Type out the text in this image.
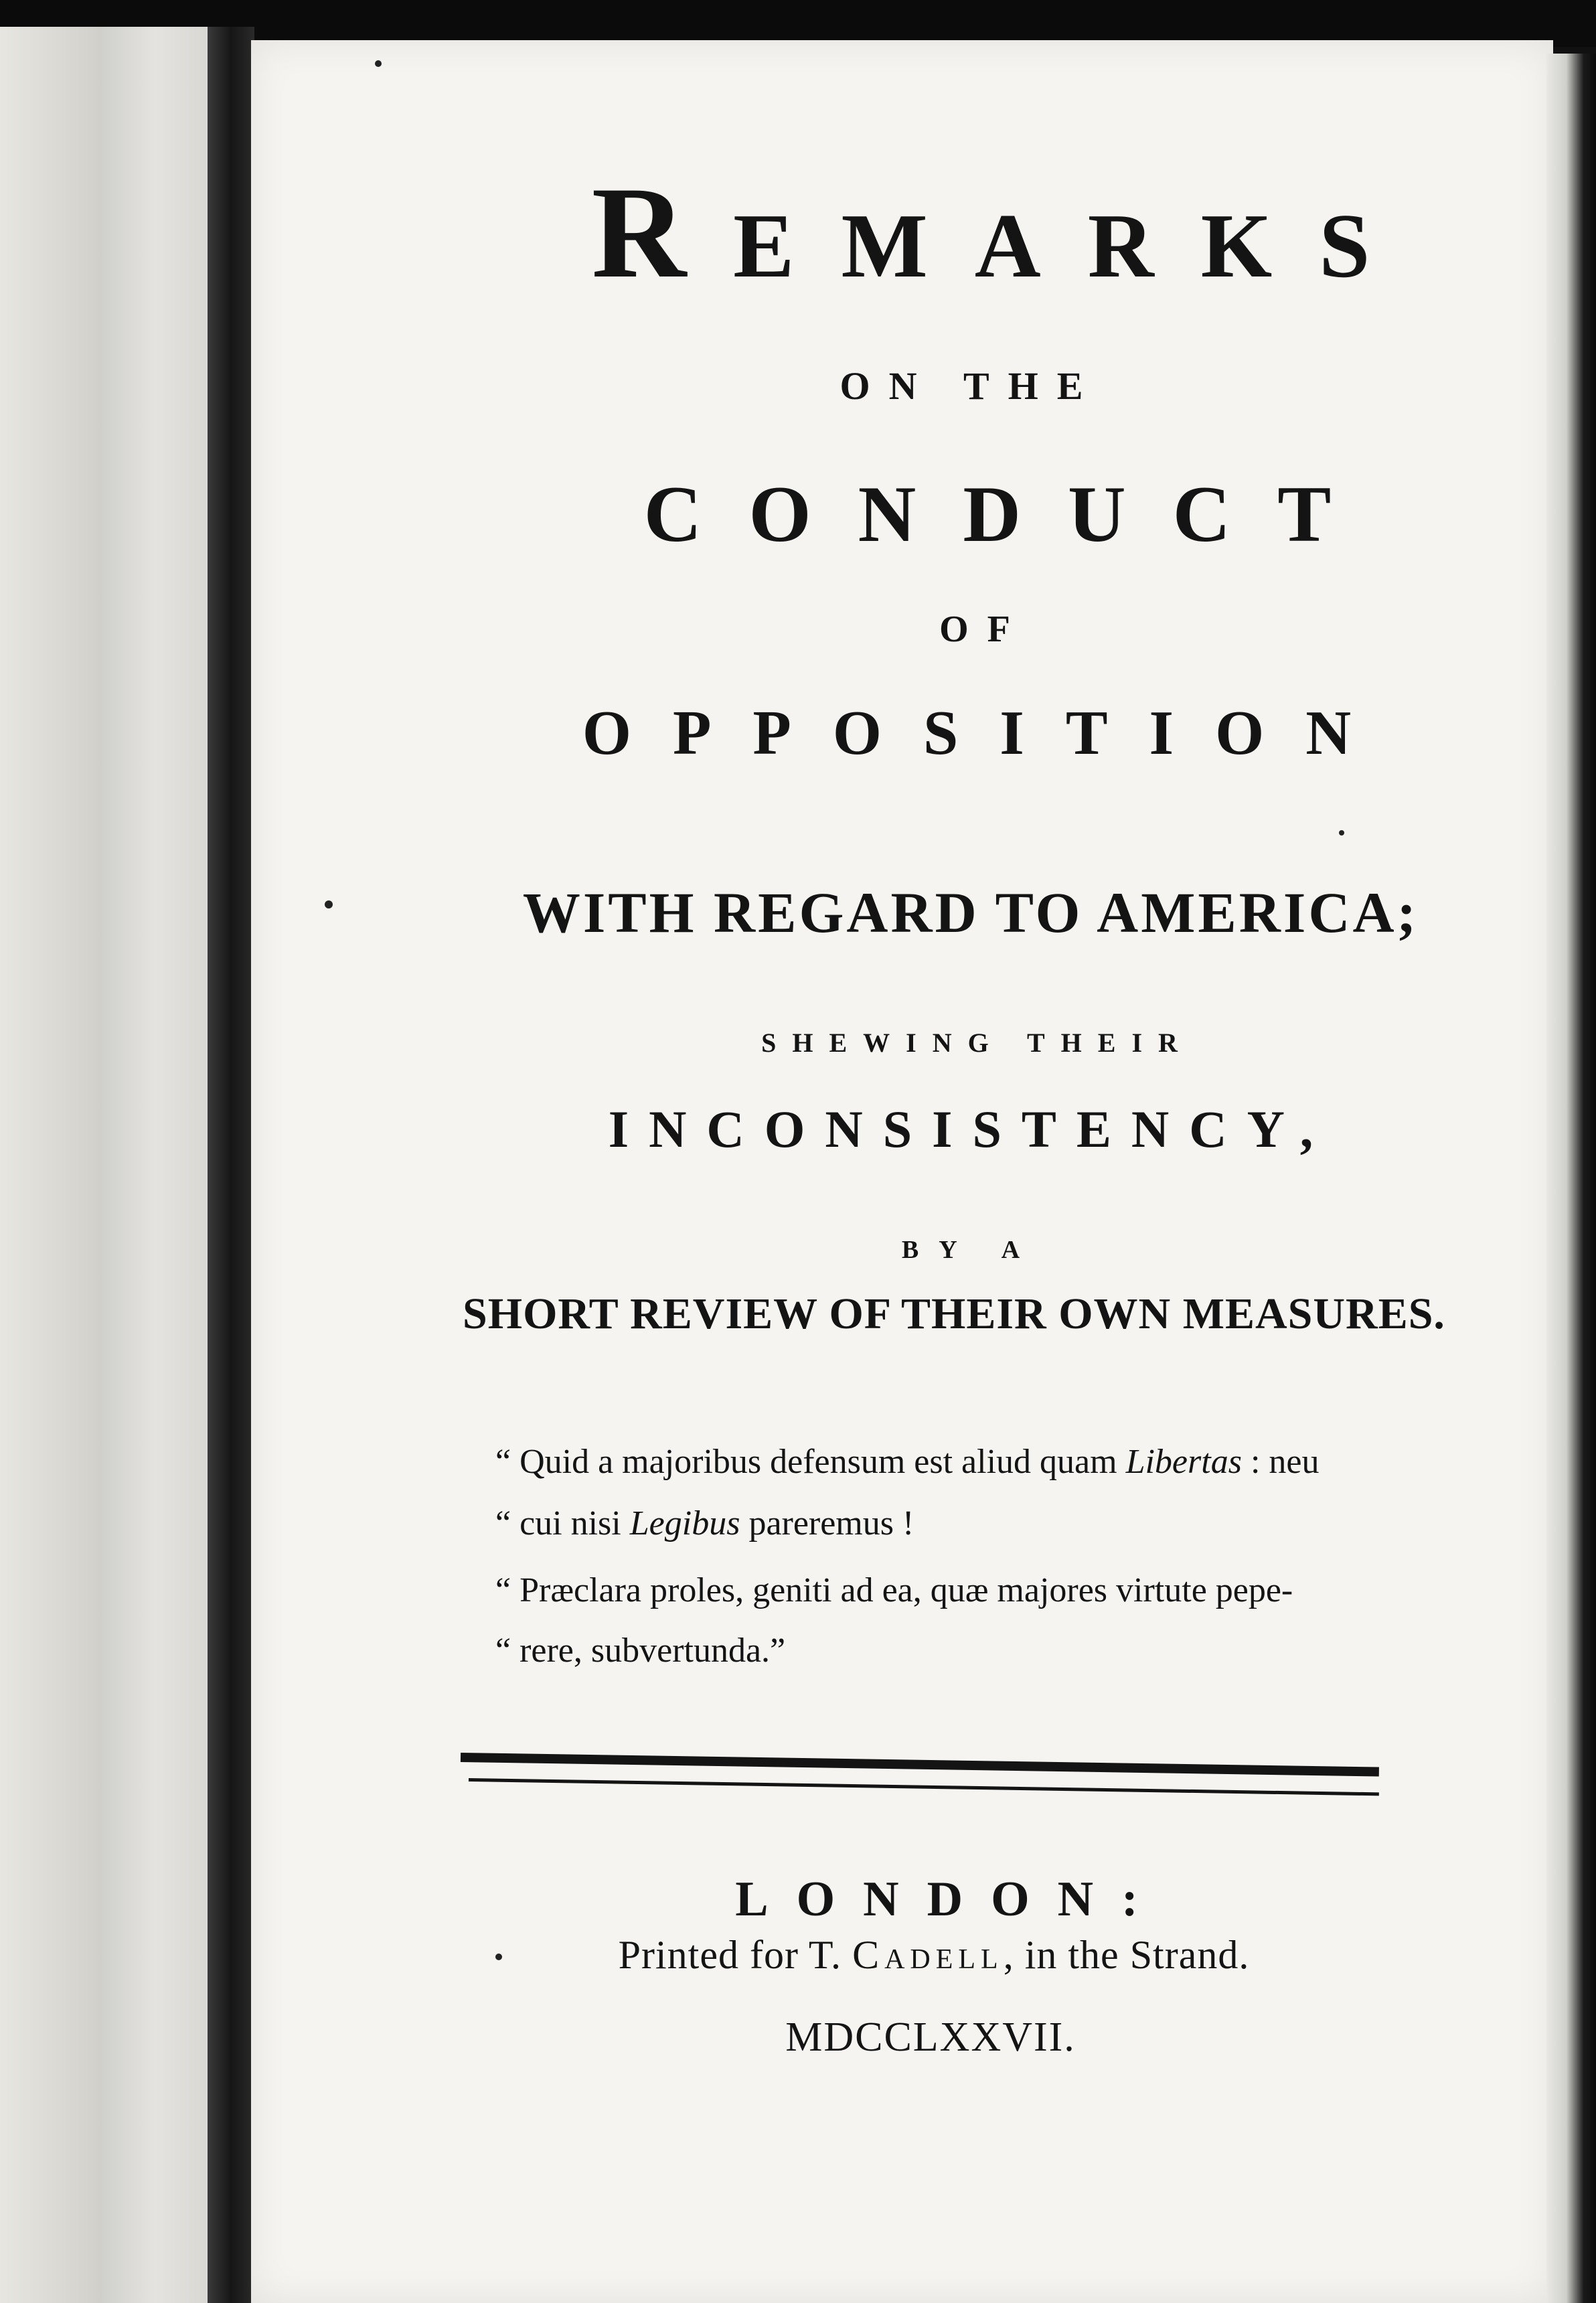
Remarks

ON THE

CONDUCT

OF

OPPOSITION

WITH REGARD TO AMERICA;

SHEWING THEIR

INCONSISTENCY,

BY A

SHORT REVIEW OF THEIR OWN MEASURES.

“ Quid a majoribus defensum est aliud quam Libertas : neu

“ cui nisi Legibus pareremus !

“ Præclara proles, geniti ad ea, quæ majores virtute pepe-

“ rere, subvertunda.”

LONDON:

Printed for T. Cadell, in the Strand.

MDCCLXXVII.
